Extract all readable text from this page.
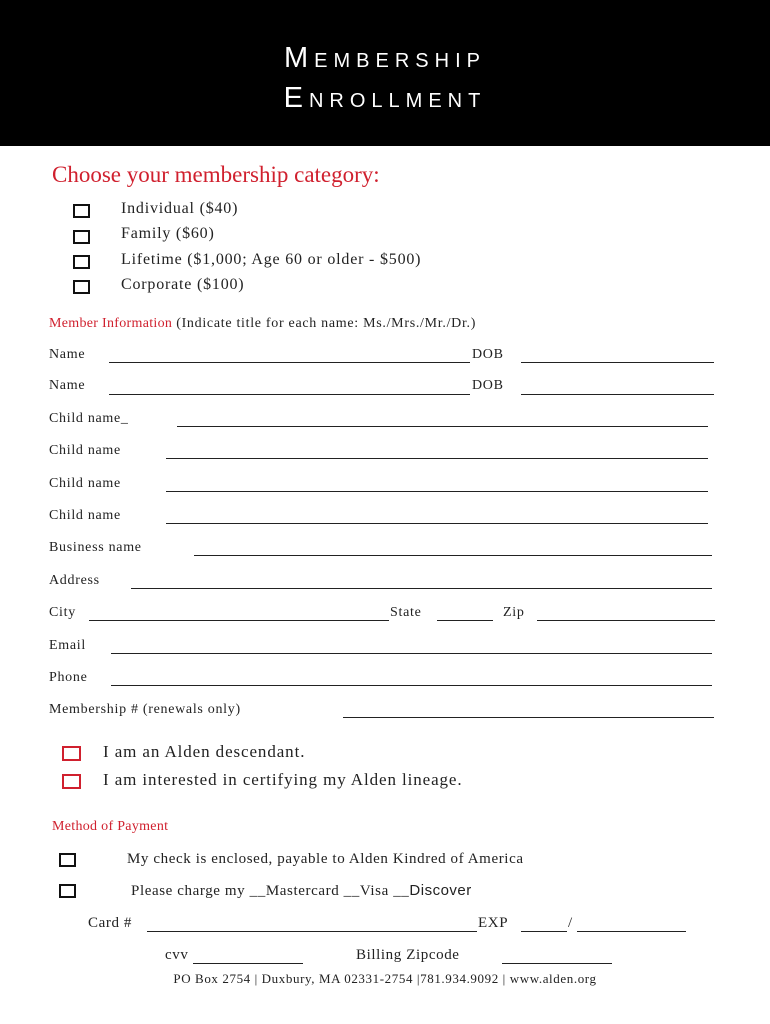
Membership
Enrollment
Choose your membership category:
Individual ($40)
Family ($60)
Lifetime ($1,000; Age 60 or older - $500)
Corporate ($100)
Member Information (Indicate title for each name: Ms./Mrs./Mr./Dr.)
Name	DOB
Name	DOB
Child name_
Child name
Child name
Child name
Business name
Address
City	State	Zip
Email
Phone
Membership # (renewals only)
I am an Alden descendant.
I am interested in certifying my Alden lineage.
Method of Payment
My check is enclosed, payable to Alden Kindred of America
Please charge my __Mastercard __Visa __Discover
Card #	EXP	/
cvv	Billing Zipcode
PO Box 2754 | Duxbury, MA 02331-2754 |781.934.9092 | www.alden.org
